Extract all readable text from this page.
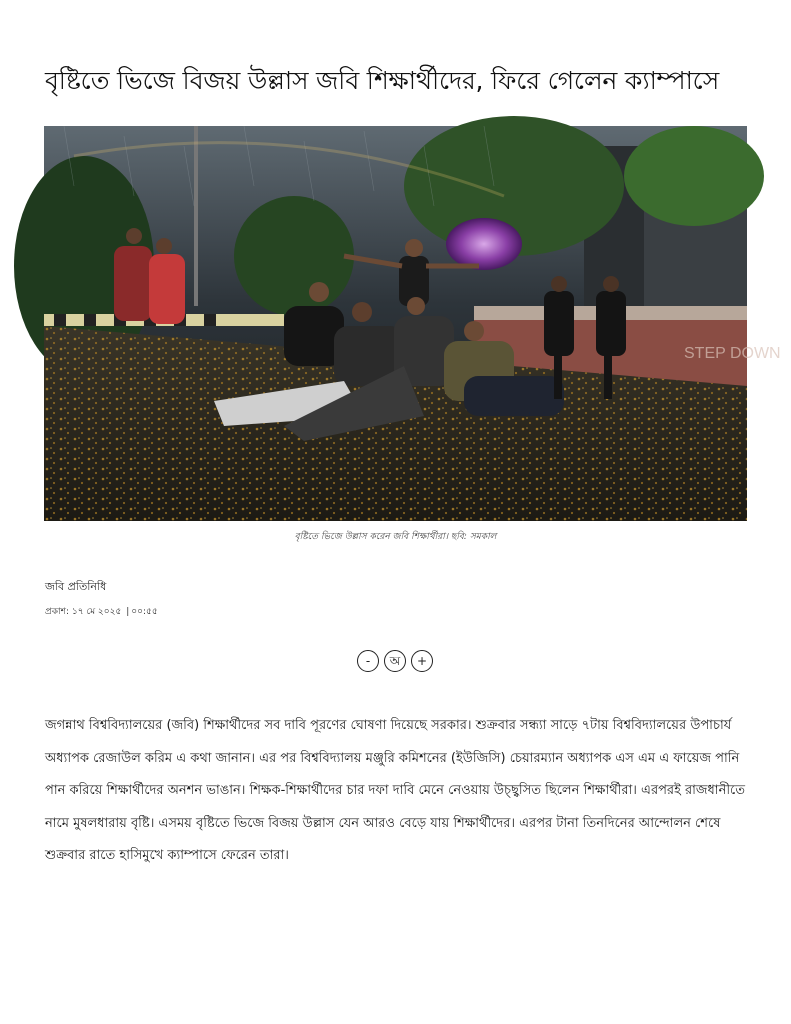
বৃষ্টিতে ভিজে বিজয় উল্লাস জবি শিক্ষার্থীদের, ফিরে গেলেন ক্যাম্পাসে
STEP DOWN
বৃষ্টিতে ভিজে উল্লাস করেন জবি শিক্ষার্থীরা। ছবি: সমকাল
জবি প্রতিনিধি
প্রকাশ: ১৭ মে ২০২৫ | ০০:৫৫
-	অ	+

জগন্নাথ বিশ্ববিদ্যালয়ের (জবি) শিক্ষার্থীদের সব দাবি পূরণের ঘোষণা দিয়েছে সরকার। শুক্রবার সন্ধ্যা সাড়ে ৭টায় বিশ্ববিদ্যালয়ের উপাচার্য অধ্যাপক রেজাউল করিম এ কথা জানান। এর পর বিশ্ববিদ্যালয় মঞ্জুরি কমিশনের (ইউজিসি) চেয়ারম্যান অধ্যাপক এস এম এ ফায়েজ পানি পান করিয়ে শিক্ষার্থীদের অনশন ভাঙান। শিক্ষক-শিক্ষার্থীদের চার দফা দাবি মেনে নেওয়ায় উচ্ছ্বসিত ছিলেন শিক্ষার্থীরা। এরপরই রাজধানীতে নামে মুষলধারায় বৃষ্টি। এসময় বৃষ্টিতে ভিজে বিজয় উল্লাস যেন আরও বেড়ে যায় শিক্ষার্থীদের। এরপর টানা তিনদিনের আন্দোলন শেষে শুক্রবার রাতে হাসিমুখে ক্যাম্পাসে ফেরেন তারা।
